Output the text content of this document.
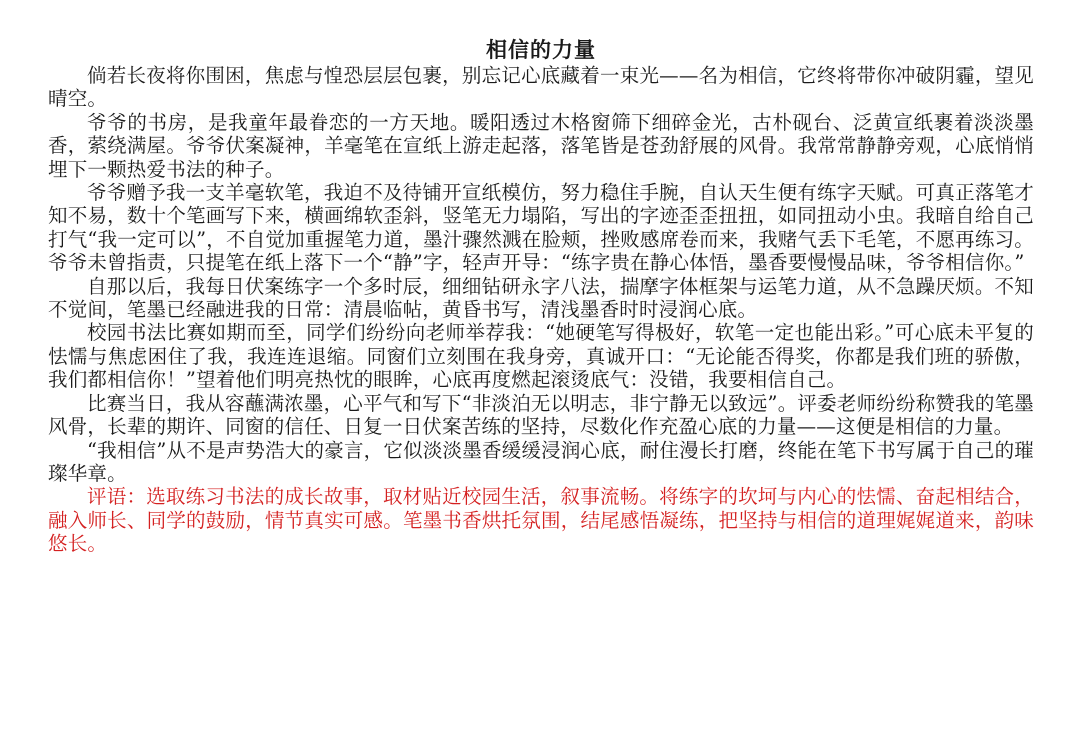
相信的力量

倘若长夜将你围困，焦虑与惶恐层层包裹，别忘记心底藏着一束光——名为相信，它终将带你冲破阴霾，望见晴空。

爷爷的书房，是我童年最眷恋的一方天地。暖阳透过木格窗筛下细碎金光，古朴砚台、泛黄宣纸裹着淡淡墨香，萦绕满屋。爷爷伏案凝神，羊毫笔在宣纸上游走起落，落笔皆是苍劲舒展的风骨。我常常静静旁观，心底悄悄埋下一颗热爱书法的种子。

爷爷赠予我一支羊毫软笔，我迫不及待铺开宣纸模仿，努力稳住手腕，自认天生便有练字天赋。可真正落笔才知不易，数十个笔画写下来，横画绵软歪斜，竖笔无力塌陷，写出的字迹歪歪扭扭，如同扭动小虫。我暗自给自己打气“我一定可以”，不自觉加重握笔力道，墨汁骤然溅在脸颊，挫败感席卷而来，我赌气丢下毛笔，不愿再练习。爷爷未曾指责，只提笔在纸上落下一个“静”字，轻声开导：“练字贵在静心体悟，墨香要慢慢品味，爷爷相信你。”

自那以后，我每日伏案练字一个多时辰，细细钻研永字八法，揣摩字体框架与运笔力道，从不急躁厌烦。不知不觉间，笔墨已经融进我的日常：清晨临帖，黄昏书写，清浅墨香时时浸润心底。

校园书法比赛如期而至，同学们纷纷向老师举荐我：“她硬笔写得极好，软笔一定也能出彩。”可心底未平复的怯懦与焦虑困住了我，我连连退缩。同窗们立刻围在我身旁，真诚开口：“无论能否得奖，你都是我们班的骄傲，我们都相信你！”望着他们明亮热忱的眼眸，心底再度燃起滚烫底气：没错，我要相信自己。

比赛当日，我从容蘸满浓墨，心平气和写下“非淡泊无以明志，非宁静无以致远”。评委老师纷纷称赞我的笔墨风骨，长辈的期许、同窗的信任、日复一日伏案苦练的坚持，尽数化作充盈心底的力量——这便是相信的力量。

“我相信”从不是声势浩大的豪言，它似淡淡墨香缓缓浸润心底，耐住漫长打磨，终能在笔下书写属于自己的璀璨华章。

评语：选取练习书法的成长故事，取材贴近校园生活，叙事流畅。将练字的坎坷与内心的怯懦、奋起相结合，融入师长、同学的鼓励，情节真实可感。笔墨书香烘托氛围，结尾感悟凝练，把坚持与相信的道理娓娓道来，韵味悠长。
